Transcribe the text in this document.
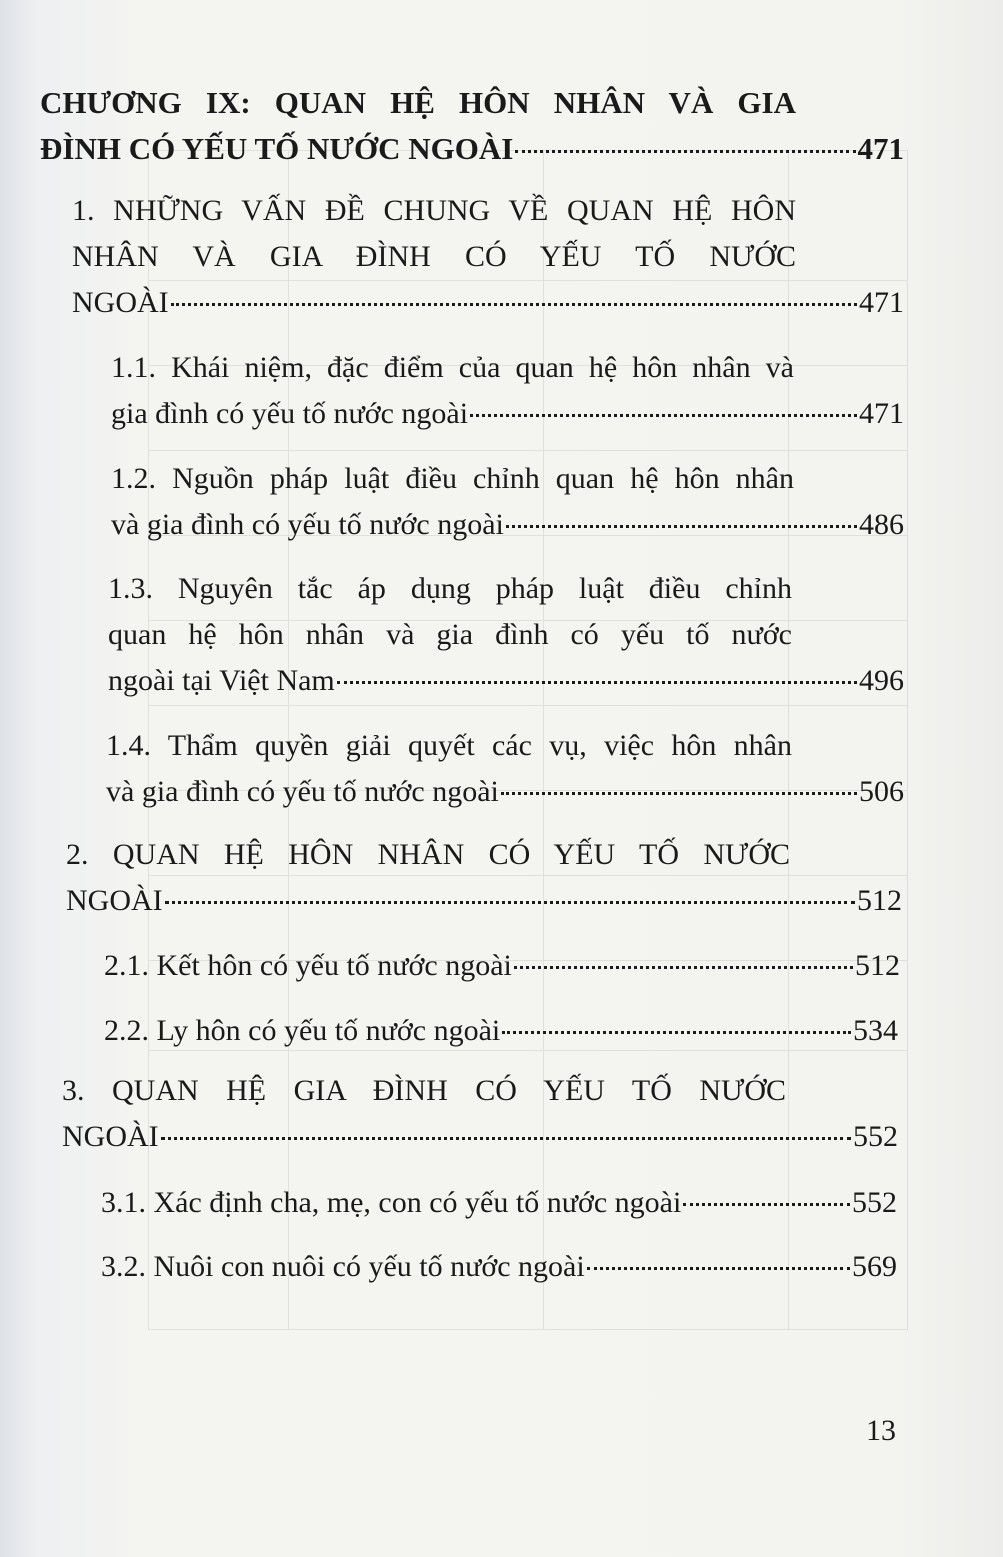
CHƯƠNG IX: QUAN HỆ HÔN NHÂN VÀ GIA
ĐÌNH CÓ YẾU TỐ NƯỚC NGOÀI	471
1. NHỮNG VẤN ĐỀ CHUNG VỀ QUAN HỆ HÔN
NHÂN VÀ GIA ĐÌNH CÓ YẾU TỐ NƯỚC
NGOÀI	471
1.1. Khái niệm, đặc điểm của quan hệ hôn nhân và
gia đình có yếu tố nước ngoài	471
1.2. Nguồn pháp luật điều chỉnh quan hệ hôn nhân
và gia đình có yếu tố nước ngoài	486
1.3. Nguyên tắc áp dụng pháp luật điều chỉnh
quan hệ hôn nhân và gia đình có yếu tố nước
ngoài tại Việt Nam	496
1.4. Thẩm quyền giải quyết các vụ, việc hôn nhân
và gia đình có yếu tố nước ngoài	506
2. QUAN HỆ HÔN NHÂN CÓ YẾU TỐ NƯỚC
NGOÀI	512
2.1. Kết hôn có yếu tố nước ngoài	512
2.2. Ly hôn có yếu tố nước ngoài	534
3. QUAN HỆ GIA ĐÌNH CÓ YẾU TỐ NƯỚC
NGOÀI	552
3.1. Xác định cha, mẹ, con có yếu tố nước ngoài	552
3.2. Nuôi con nuôi có yếu tố nước ngoài	569
13
